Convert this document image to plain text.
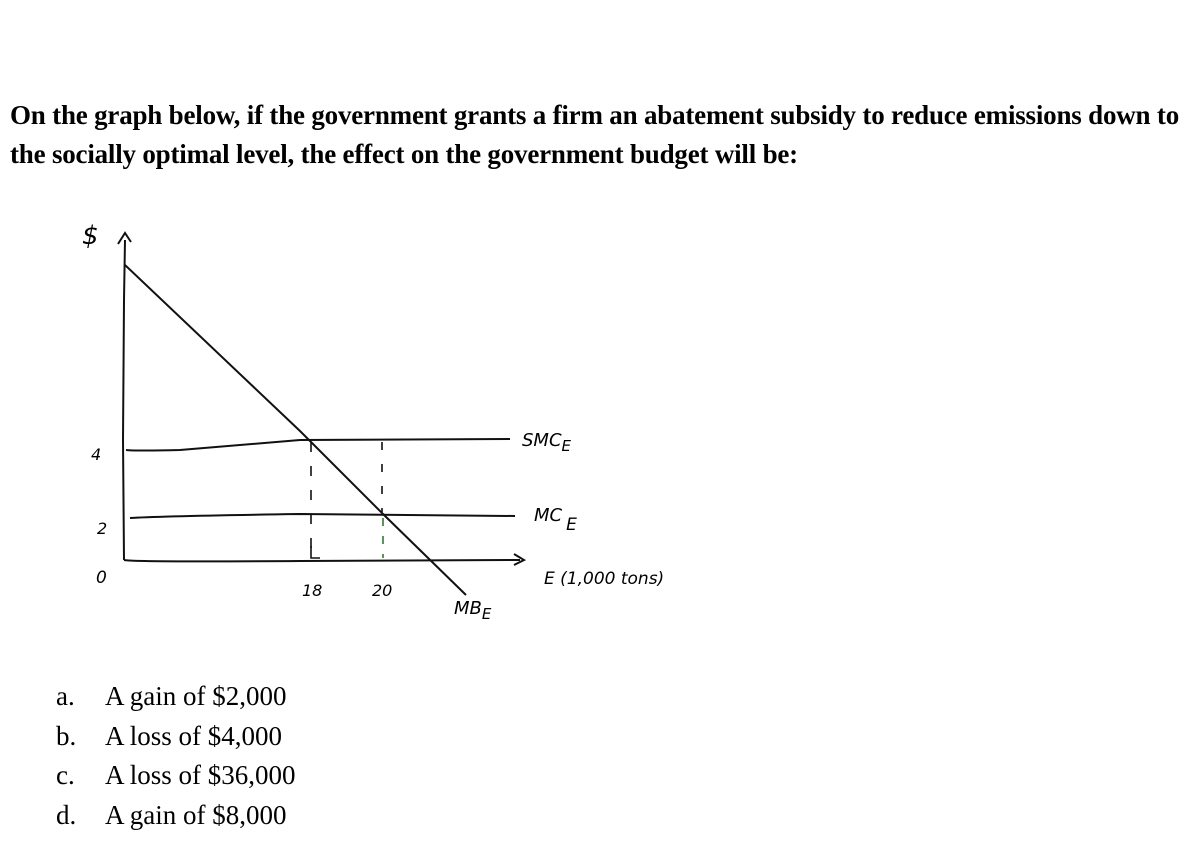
On the graph below, if the government grants a firm an abatement subsidy to reduce emissions down to the socially optimal level, the effect on the government budget will be:
$
E (1,000 tons)
$SMC_E$
MC E
$MB_E$
4
2
0
18	20
a.	A gain of $2,000
b.	A loss of $4,000
c.	A loss of $36,000
d.	A gain of $8,000
